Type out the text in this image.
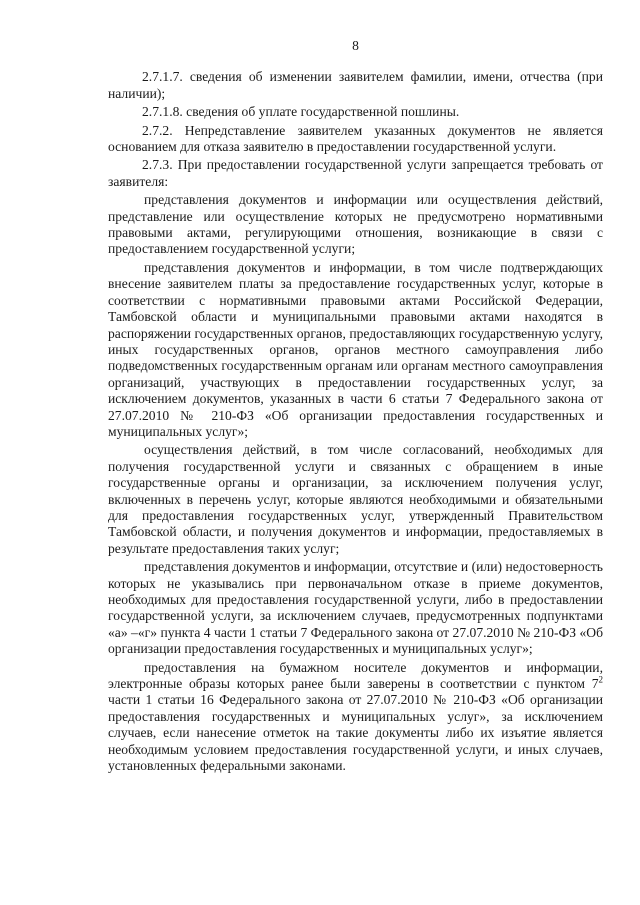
8

2.7.1.7. сведения об изменении заявителем фамилии, имени, отчества (при наличии);

2.7.1.8. сведения об уплате государственной пошлины.

2.7.2. Непредставление заявителем указанных документов не является основанием для отказа заявителю в предоставлении государственной услуги.

2.7.3. При предоставлении государственной услуги запрещается требовать от заявителя:

представления документов и информации или осуществления действий, представление или осуществление которых не предусмотрено нормативными правовыми актами, регулирующими отношения, возникающие в связи с предоставлением государственной услуги;

представления документов и информации, в том числе подтверждающих внесение заявителем платы за предоставление государственных услуг, которые в соответствии с нормативными правовыми актами Российской Федерации, Тамбовской области и муниципальными правовыми актами находятся в распоряжении государственных органов, предоставляющих государственную услугу, иных государственных органов, органов местного самоуправления либо подведомственных государственным органам или органам местного самоуправления организаций, участвующих в предоставлении государственных услуг, за исключением документов, указанных в части 6 статьи 7 Федерального закона от 27.07.2010 № 210-ФЗ «Об организации предоставления государственных и муниципальных услуг»;

осуществления действий, в том числе согласований, необходимых для получения государственной услуги и связанных с обращением в иные государственные органы и организации, за исключением получения услуг, включенных в перечень услуг, которые являются необходимыми и обязательными для предоставления государственных услуг, утвержденный Правительством Тамбовской области, и получения документов и информации, предоставляемых в результате предоставления таких услуг;

представления документов и информации, отсутствие и (или) недостоверность которых не указывались при первоначальном отказе в приеме документов, необходимых для предоставления государственной услуги, либо в предоставлении государственной услуги, за исключением случаев, предусмотренных подпунктами «а» –«г» пункта 4 части 1 статьи 7 Федерального закона от 27.07.2010 № 210-ФЗ «Об организации предоставления государственных и муниципальных услуг»;

предоставления на бумажном носителе документов и информации, электронные образы которых ранее были заверены в соответствии с пунктом $7^2$ части 1 статьи 16 Федерального закона от 27.07.2010 № 210-ФЗ «Об организации предоставления государственных и муниципальных услуг», за исключением случаев, если нанесение отметок на такие документы либо их изъятие является необходимым условием предоставления государственной услуги, и иных случаев, установленных федеральными законами.
